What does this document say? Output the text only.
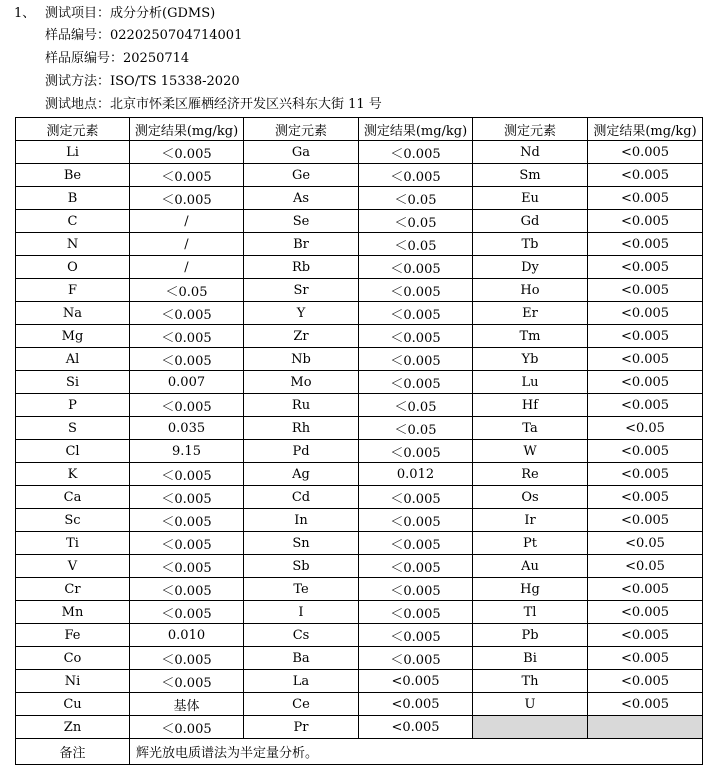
1、 测试项目：成分分析(GDMS)
样品编号：022025070471400​1
样品原编号：20250714
测试方法：ISO/TS 15338-2020
测试地点：北京市怀柔区雁栖经济开发区兴科东大街 11 号
测定元素	测定结果(mg/kg)	测定元素	测定结果(mg/kg)	测定元素	测定结果(mg/kg)
Li	＜0.005	Ga	＜0.005	Nd	<0.005
Be	＜0.005	Ge	＜0.005	Sm	<0.005
B	＜0.005	As	＜0.05	Eu	<0.005
C	/	Se	＜0.05	Gd	<0.005
N	/	Br	＜0.05	Tb	<0.005
O	/	Rb	＜0.005	Dy	<0.005
F	＜0.05	Sr	＜0.005	Ho	<0.005
Na	＜0.005	Y	＜0.005	Er	<0.005
Mg	＜0.005	Zr	＜0.005	Tm	<0.005
Al	＜0.005	Nb	＜0.005	Yb	<0.005
Si	0.007	Mo	＜0.005	Lu	<0.005
P	＜0.005	Ru	＜0.05	Hf	<0.005
S	0.035	Rh	＜0.05	Ta	<0.05
Cl	9.15	Pd	＜0.005	W	<0.005
K	＜0.005	Ag	0.012	Re	<0.005
Ca	＜0.005	Cd	＜0.005	Os	<0.005
Sc	＜0.005	In	＜0.005	Ir	<0.005
Ti	＜0.005	Sn	＜0.005	Pt	<0.05
V	＜0.005	Sb	＜0.005	Au	<0.05
Cr	＜0.005	Te	＜0.005	Hg	<0.005
Mn	＜0.005	I	＜0.005	Tl	<0.005
Fe	0.010	Cs	＜0.005	Pb	<0.005
Co	＜0.005	Ba	＜0.005	Bi	<0.005
Ni	＜0.005	La	<0.005	Th	<0.005
Cu	基体	Ce	<0.005	U	<0.005
Zn	＜0.005	Pr	<0.005		
备注	辉光放电质谱法为半定量分析。				
